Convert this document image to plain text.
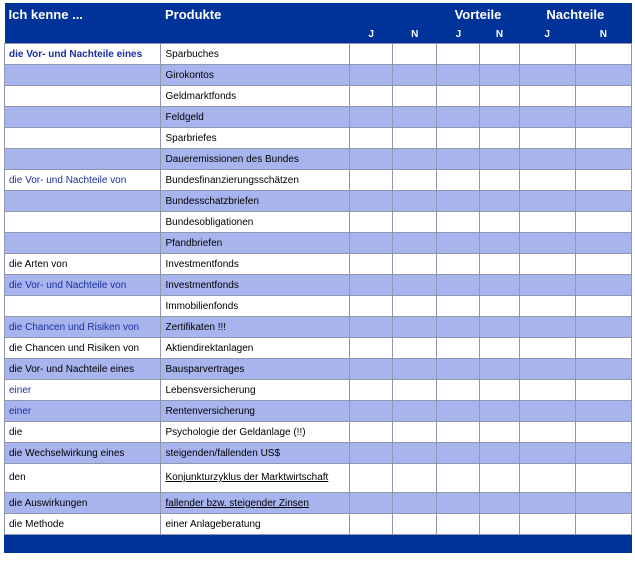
Ich kenne ...	Produkte			Vorteile		Nachteile	
		J	N	J	N	J	N
die Vor- und Nachteile eines	Sparbuches						
	Girokontos						
	Geldmarktfonds						
	Feldgeld						
	Sparbriefes						
	Daueremissionen des Bundes						
die Vor- und Nachteile von	Bundesfinanzierungsschätzen						
	Bundesschatzbriefen						
	Bundesobligationen						
	Pfandbriefen						
die Arten von	Investmentfonds						
die Vor- und Nachteile von	Investmentfonds						
	Immobilienfonds						
die Chancen und Risiken von	Zertifikaten !!!						
die Chancen und Risiken von	Aktiendirektanlagen						
die Vor- und Nachteile eines	Bausparvertrages						
einer	Lebensversicherung						
einer	Rentenversicherung						
die	Psychologie der Geldanlage (!!)						
die Wechselwirkung eines	steigenden/fallenden US$						
den	Konjunkturzyklus der Marktwirtschaft						
die Auswirkungen	fallender bzw. steigender Zinsen						
die Methode	einer Anlageberatung						
